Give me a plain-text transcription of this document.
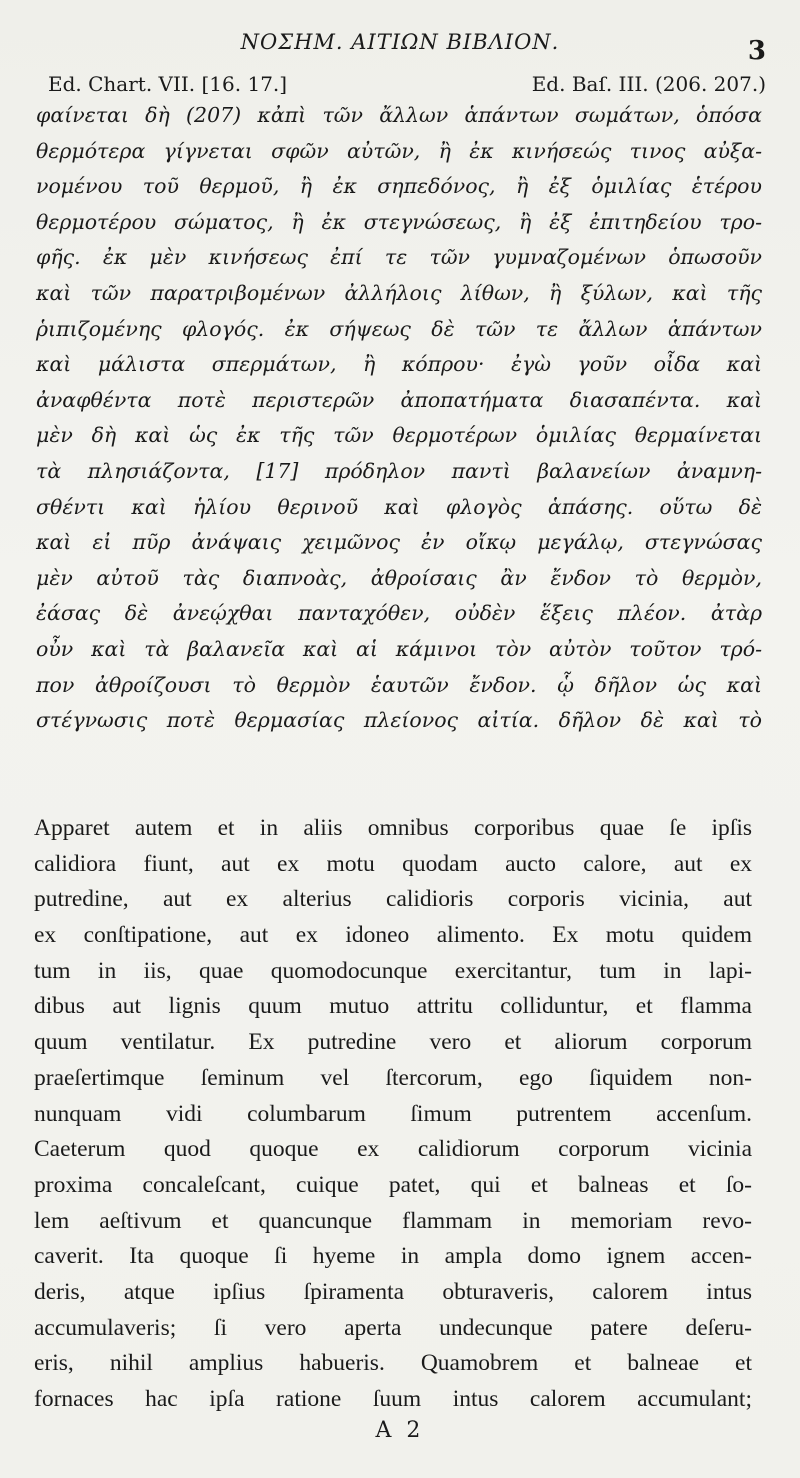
ΝΟΣΗΜ. ΑΙΤΙΩΝ ΒΙΒΛΙΟΝ.	3
Ed. Chart. VII. [16. 17.]	Ed. Baſ. III. (206. 207.)
φαίνεται δὴ (207) κἀπὶ τῶν ἄλλων ἁπάντων σωμάτων, ὁπόσα
θερμότερα γίγνεται σφῶν αὐτῶν, ἢ ἐκ κινήσεώς τινος αὐξα-
νομένου τοῦ θερμοῦ, ἢ ἐκ σηπεδόνος, ἢ ἐξ ὁμιλίας ἑτέρου
θερμοτέρου σώματος, ἢ ἐκ στεγνώσεως, ἢ ἐξ ἐπιτηδείου τρο-
φῆς. ἐκ μὲν κινήσεως ἐπί τε τῶν γυμναζομένων ὁπωσοῦν
καὶ τῶν παρατριβομένων ἀλλήλοις λίθων, ἢ ξύλων, καὶ τῆς
ῥιπιζομένης φλογός. ἐκ σήψεως δὲ τῶν τε ἄλλων ἁπάντων
καὶ μάλιστα σπερμάτων, ἢ κόπρου· ἐγὼ γοῦν οἶδα καὶ
ἀναφθέντα ποτὲ περιστερῶν ἀποπατήματα διασαπέντα. καὶ
μὲν δὴ καὶ ὡς ἐκ τῆς τῶν θερμοτέρων ὁμιλίας θερμαίνεται
τὰ πλησιάζοντα, [17] πρόδηλον παντὶ βαλανείων ἀναμνη-
σθέντι καὶ ἡλίου θερινοῦ καὶ φλογὸς ἁπάσης. οὕτω δὲ
καὶ εἰ πῦρ ἀνάψαις χειμῶνος ἐν οἴκῳ μεγάλῳ, στεγνώσας
μὲν αὐτοῦ τὰς διαπνοὰς, ἀθροίσαις ἂν ἔνδον τὸ θερμὸν,
ἐάσας δὲ ἀνεῴχθαι πανταχόθεν, οὐδὲν ἕξεις πλέον. ἀτὰρ
οὖν καὶ τὰ βαλανεῖα καὶ αἱ κάμινοι τὸν αὐτὸν τοῦτον τρό-
πον ἀθροίζουσι τὸ θερμὸν ἑαυτῶν ἔνδον. ᾧ δῆλον ὡς καὶ
στέγνωσις ποτὲ θερμασίας πλείονος αἰτία. δῆλον δὲ καὶ τὸ
Apparet autem et in aliis omnibus corporibus quae ſe ipſis
calidiora fiunt, aut ex motu quodam aucto calore, aut ex
putredine, aut ex alterius calidioris corporis vicinia, aut
ex conſtipatione, aut ex idoneo alimento. Ex motu quidem
tum in iis, quae quomodocunque exercitantur, tum in lapi-
dibus aut lignis quum mutuo attritu colliduntur, et flamma
quum ventilatur. Ex putredine vero et aliorum corporum
praeſertimque ſeminum vel ſtercorum, ego ſiquidem non-
nunquam vidi columbarum ſimum putrentem accenſum.
Caeterum quod quoque ex calidiorum corporum vicinia
proxima concaleſcant, cuique patet, qui et balneas et ſo-
lem aeſtivum et quancunque flammam in memoriam revo-
caverit. Ita quoque ſi hyeme in ampla domo ignem accen-
deris, atque ipſius ſpiramenta obturaveris, calorem intus
accumulaveris; ſi vero aperta undecunque patere deſeru-
eris, nihil amplius habueris. Quamobrem et balneae et
fornaces hac ipſa ratione ſuum intus calorem accumulant;
A 2
